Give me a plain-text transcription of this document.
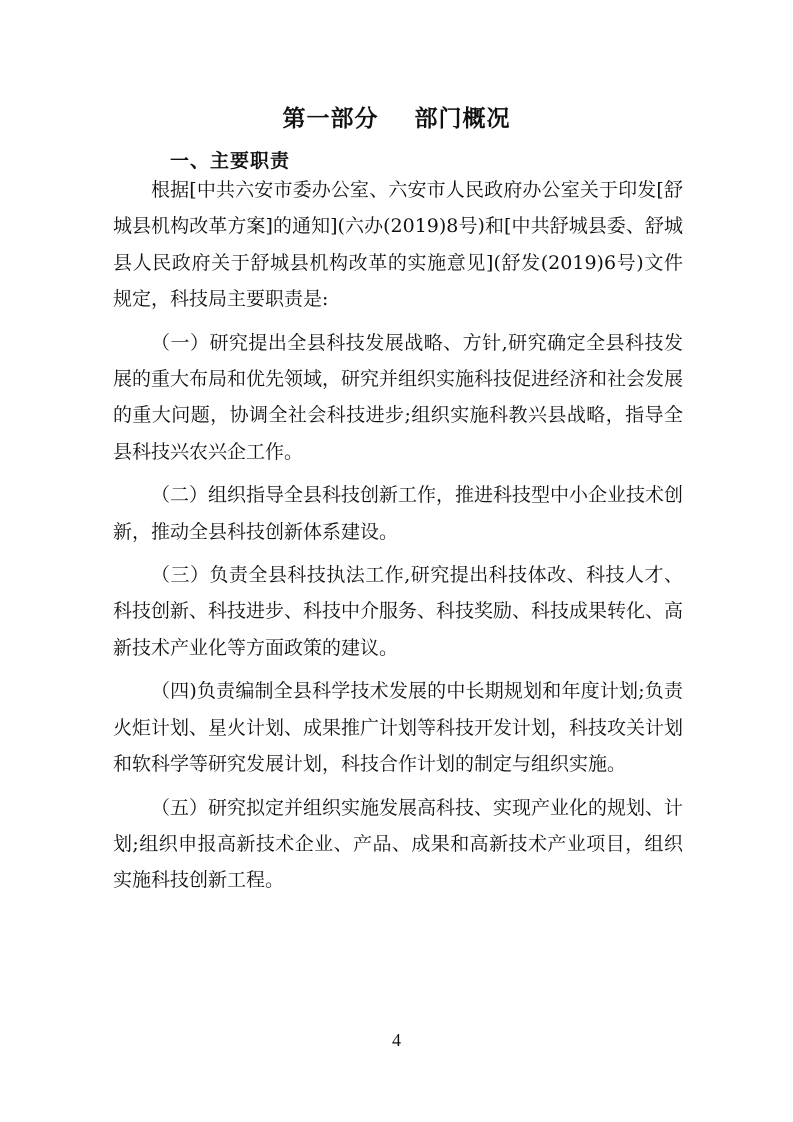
第一部分    部门概况
一、主要职责

根据[中共六安市委办公室、六安市人民政府办公室关于印发[舒城县机构改革方案]的通知](六办(2019)8号)和[中共舒城县委、舒城县人民政府关于舒城县机构改革的实施意见](舒发(2019)6号)文件规定，科技局主要职责是:

（一）研究提出全县科技发展战略、方针,研究确定全县科技发展的重大布局和优先领域，研究并组织实施科技促进经济和社会发展的重大问题，协调全社会科技进步;组织实施科教兴县战略，指导全县科技兴农兴企工作。

（二）组织指导全县科技创新工作，推进科技型中小企业技术创新，推动全县科技创新体系建设。

（三）负责全县科技执法工作,研究提出科技体改、科技人才、科技创新、科技进步、科技中介服务、科技奖励、科技成果转化、高新技术产业化等方面政策的建议。

（四)负责编制全县科学技术发展的中长期规划和年度计划;负责火炬计划、星火计划、成果推广计划等科技开发计划，科技攻关计划和软科学等研究发展计划，科技合作计划的制定与组织实施。

（五）研究拟定并组织实施发展高科技、实现产业化的规划、计划;组织申报高新技术企业、产品、成果和高新技术产业项目，组织实施科技创新工程。

4
